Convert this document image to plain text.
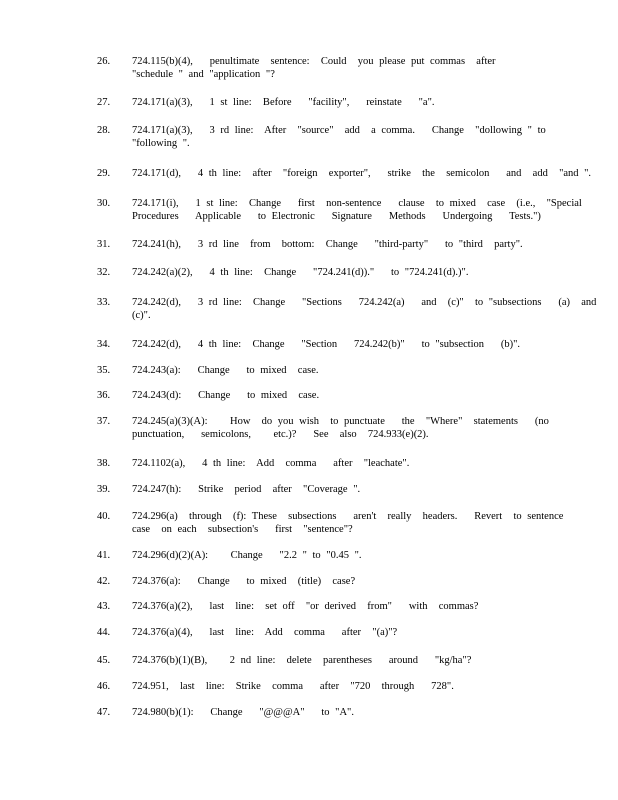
26. 724.115(b)(4),   penultimate  sentence:  Could  you please put commas  after
"schedule " and "application "?
27. 724.171(a)(3),   1 st line:  Before   "facility",   reinstate   "a".
28. 724.171(a)(3),   3 rd line:  After  "source"  add  a comma.   Change  "dollowing " to
"following ".
29. 724.171(d),   4 th line:  after  "foreign  exporter",   strike  the  semicolon   and  add  "and ".
30. 724.171(i),   1 st line:  Change   first  non-sentence   clause  to mixed  case  (i.e.,  "Special
Procedures   Applicable   to Electronic   Signature   Methods   Undergoing   Tests.")
31. 724.241(h),   3 rd line  from  bottom:  Change   "third-party"   to "third  party".
32. 724.242(a)(2),   4 th line:  Change   "724.241(d))."   to "724.241(d).)".
33. 724.242(d),   3 rd line:  Change   "Sections   724.242(a)   and  (c)"  to "subsections   (a)  and
(c)".
34. 724.242(d),   4 th line:  Change   "Section   724.242(b)"   to "subsection   (b)".
35. 724.243(a):   Change   to mixed  case.
36. 724.243(d):   Change   to mixed  case.
37. 724.245(a)(3)(A):    How  do you wish  to punctuate   the  "Where"  statements   (no
punctuation,   semicolons,    etc.)?   See  also  724.933(e)(2).
38. 724.1102(a),   4 th line:  Add  comma   after  "leachate".
39. 724.247(h):   Strike  period  after  "Coverage ".
40. 724.296(a)  through  (f): These  subsections   aren't  really  headers.   Revert  to sentence
case  on each  subsection's   first  "sentence"?
41. 724.296(d)(2)(A):    Change   "2.2 " to "0.45 ".
42. 724.376(a):   Change   to mixed  (title)  case?
43. 724.376(a)(2),   last  line:  set off  "or derived  from"   with  commas?
44. 724.376(a)(4),   last  line:  Add  comma   after  "(a)"?
45. 724.376(b)(1)(B),    2 nd line:  delete  parentheses   around   "kg/ha"?
46. 724.951,  last  line:  Strike  comma   after  "720  through   728".
47. 724.980(b)(1):   Change   "@@@A"   to "A".
